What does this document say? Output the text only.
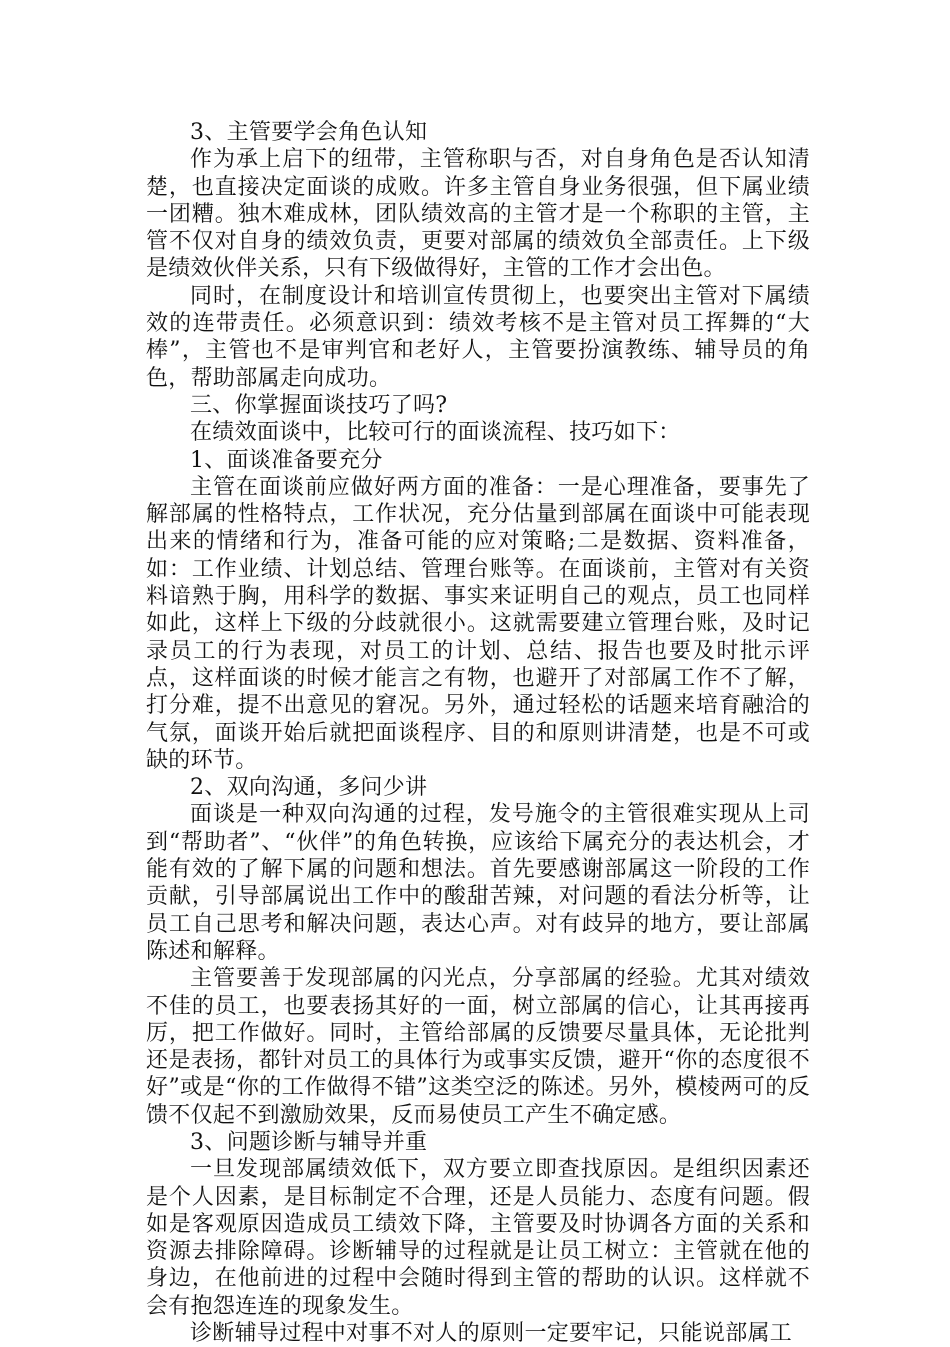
3、主管要学会角色认知

作为承上启下的纽带，主管称职与否，对自身角色是否认知清楚，也直接决定面谈的成败。许多主管自身业务很强，但下属业绩一团糟。独木难成林，团队绩效高的主管才是一个称职的主管，主管不仅对自身的绩效负责，更要对部属的绩效负全部责任。上下级是绩效伙伴关系，只有下级做得好，主管的工作才会出色。

同时，在制度设计和培训宣传贯彻上，也要突出主管对下属绩效的连带责任。必须意识到：绩效考核不是主管对员工挥舞的“大棒”，主管也不是审判官和老好人，主管要扮演教练、辅导员的角色，帮助部属走向成功。

三、你掌握面谈技巧了吗?

在绩效面谈中，比较可行的面谈流程、技巧如下：

1、面谈准备要充分

主管在面谈前应做好两方面的准备：一是心理准备，要事先了解部属的性格特点，工作状况，充分估量到部属在面谈中可能表现出来的情绪和行为，准备可能的应对策略;二是数据、资料准备，如：工作业绩、计划总结、管理台账等。在面谈前，主管对有关资料谙熟于胸，用科学的数据、事实来证明自己的观点，员工也同样如此，这样上下级的分歧就很小。这就需要建立管理台账，及时记录员工的行为表现，对员工的计划、总结、报告也要及时批示评点，这样面谈的时候才能言之有物，也避开了对部属工作不了解，打分难，提不出意见的窘况。另外，通过轻松的话题来培育融洽的气氛，面谈开始后就把面谈程序、目的和原则讲清楚，也是不可或缺的环节。

2、双向沟通，多问少讲

面谈是一种双向沟通的过程，发号施令的主管很难实现从上司到“帮助者”、“伙伴”的角色转换，应该给下属充分的表达机会，才能有效的了解下属的问题和想法。首先要感谢部属这一阶段的工作贡献，引导部属说出工作中的酸甜苦辣，对问题的看法分析等，让员工自己思考和解决问题，表达心声。对有歧异的地方，要让部属陈述和解释。

主管要善于发现部属的闪光点，分享部属的经验。尤其对绩效不佳的员工，也要表扬其好的一面，树立部属的信心，让其再接再厉，把工作做好。同时，主管给部属的反馈要尽量具体，无论批判还是表扬，都针对员工的具体行为或事实反馈，避开“你的态度很不好”或是“你的工作做得不错”这类空泛的陈述。另外，模棱两可的反馈不仅起不到激励效果，反而易使员工产生不确定感。

3、问题诊断与辅导并重

一旦发现部属绩效低下，双方要立即查找原因。是组织因素还是个人因素，是目标制定不合理，还是人员能力、态度有问题。假如是客观原因造成员工绩效下降，主管要及时协调各方面的关系和资源去排除障碍。诊断辅导的过程就是让员工树立：主管就在他的身边，在他前进的过程中会随时得到主管的帮助的认识。这样就不会有抱怨连连的现象发生。

诊断辅导过程中对事不对人的原则一定要牢记，只能说部属工
